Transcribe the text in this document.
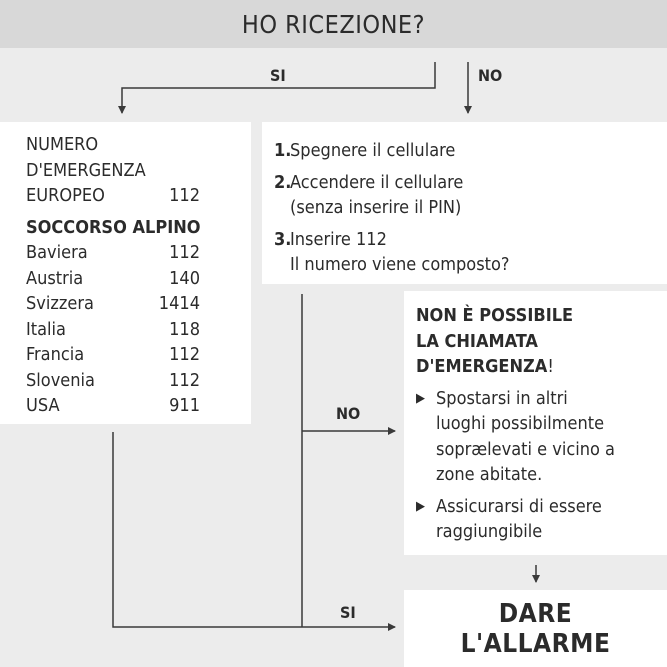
HO RICEZIONE?
SI	NO
NO
SI
NUMERO
D'EMERGENZA
EUROPEO	112
SOCCORSO ALPINO
Baviera	112
Austria	140
Svizzera	1414
Italia	118
Francia	112
Slovenia	112
USA	911
1.
Spegnere il cellulare
2.
Accendere il cellulare
(senza inserire il PIN)
3.
Inserire 112
Il numero viene composto?
NON È POSSIBILE
LA CHIAMATA
D'EMERGENZA!
▶ Spostarsi in altri
luoghi possibilmente
soprælevati e vicino a
zone abitate.
▶ Assicurarsi di essere
raggiungibile
DARE
L'ALLARME
